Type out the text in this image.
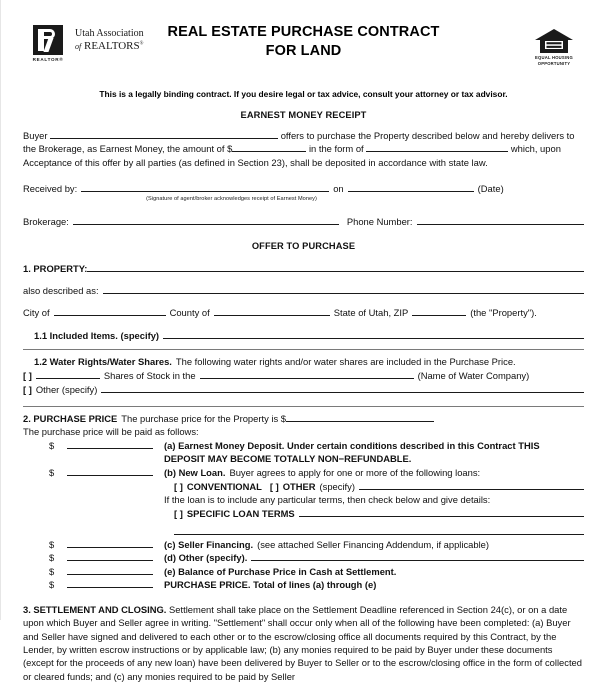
REALTOR®
Utah Association
of REALTORS®
REAL ESTATE PURCHASE CONTRACT
FOR LAND	EQUAL HOUSING
OPPORTUNITY
This is a legally binding contract. If you desire legal or tax advice, consult your attorney or tax advisor.
EARNEST MONEY RECEIPT
Buyer	offers to purchase the Property described below and hereby delivers to the Brokerage, as Earnest Money, the amount of $	in the form of	which, upon Acceptance of this offer by all parties (as defined in Section 23), shall be deposited in accordance with state law.
Received by:	on	(Date)
(Signature of agent/broker acknowledges receipt of Earnest Money)
Brokerage:	Phone Number:
OFFER TO PURCHASE
1. PROPERTY:
also described as:
City of	County of	State of Utah, ZIP	(the "Property").
1.1 Included Items. (specify)
1.2 Water Rights/Water Shares. The following water rights and/or water shares are included in the Purchase Price.
[ ]	Shares of Stock in the	(Name of Water Company)
[ ] Other (specify)
2. PURCHASE PRICE The purchase price for the Property is $
The purchase price will be paid as follows:
$	(a) Earnest Money Deposit. Under certain conditions described in this Contract THIS
DEPOSIT MAY BECOME TOTALLY NON−REFUNDABLE.
$	(b) New Loan. Buyer agrees to apply for one or more of the following loans:
[ ] CONVENTIONAL [ ] OTHER (specify)
If the loan is to include any particular terms, then check below and give details:
[ ] SPECIFIC LOAN TERMS
$	(c) Seller Financing. (see attached Seller Financing Addendum, if applicable)
$	(d) Other (specify).
$	(e) Balance of Purchase Price in Cash at Settlement.
$	PURCHASE PRICE. Total of lines (a) through (e)
3. SETTLEMENT AND CLOSING. Settlement shall take place on the Settlement Deadline referenced in Section 24(c), or on a date upon which Buyer and Seller agree in writing. "Settlement" shall occur only when all of the following have been completed: (a) Buyer and Seller have signed and delivered to each other or to the escrow/closing office all documents required by this Contract, by the Lender, by written escrow instructions or by applicable law; (b) any monies required to be paid by Buyer under these documents (except for the proceeds of any new loan) have been delivered by Buyer to Seller or to the escrow/closing office in the form of collected or cleared funds; and (c) any monies required to be paid by Seller
